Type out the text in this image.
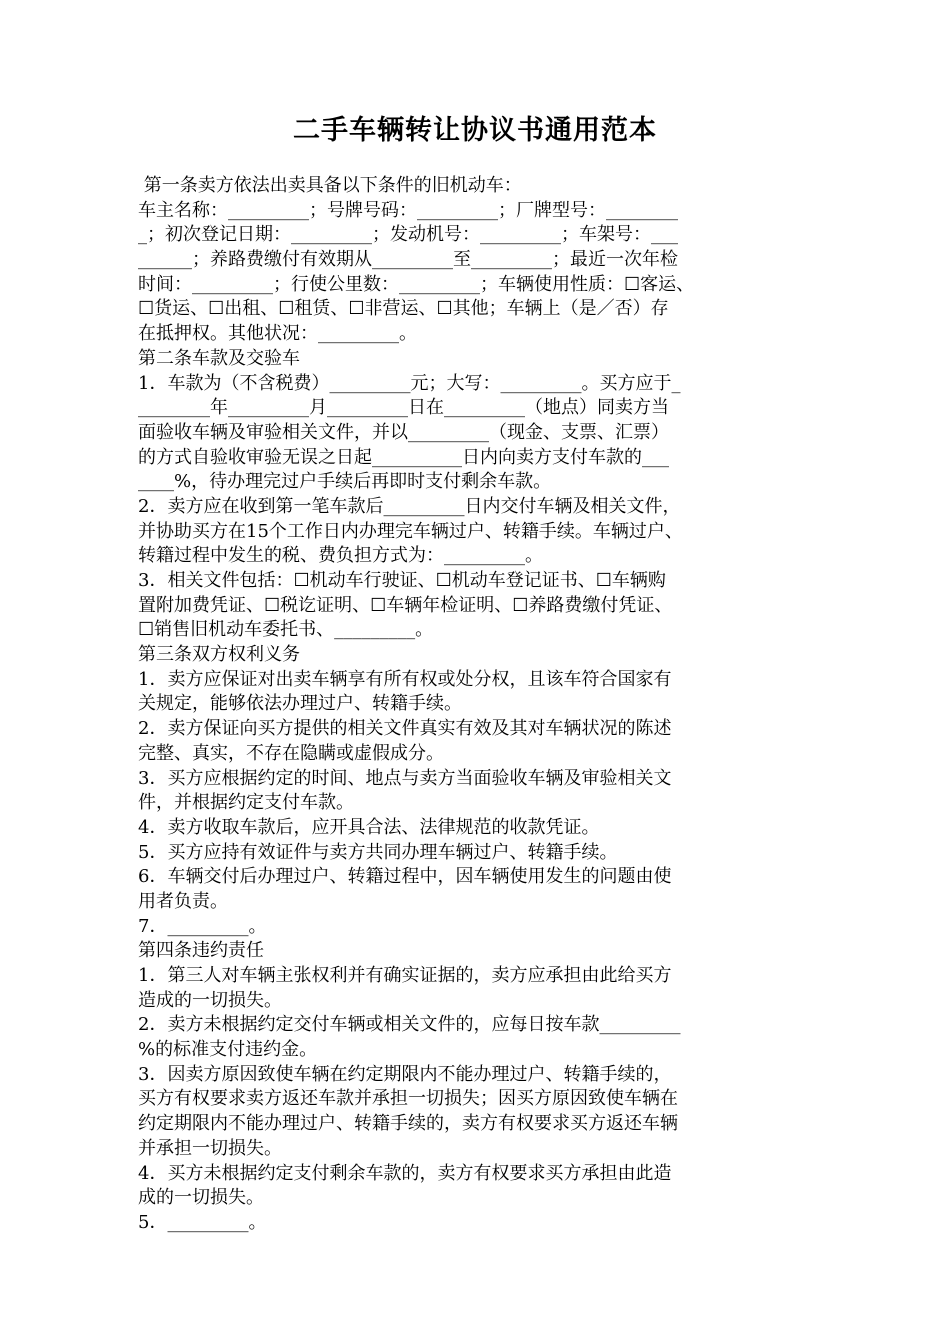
二手车辆转让协议书通用范本
第一条卖方依法出卖具备以下条件的旧机动车：
车主名称：_________；号牌号码：_________；厂牌型号：________
_；初次登记日期：_________；发动机号：_________；车架号：___
______；养路费缴付有效期从_________至_________；最近一次年检
时间：_________；行使公里数：_________；车辆使用性质：☐客运、
☐货运、☐出租、☐租赁、☐非营运、☐其他；车辆上（是／否）存
在抵押权。其他状况：_________。
第二条车款及交验车
1．车款为（不含税费）_________元；大写：_________。买方应于_
________年_________月_________日在_________（地点）同卖方当
面验收车辆及审验相关文件，并以_________（现金、支票、汇票）
的方式自验收审验无误之日起__________日内向卖方支付车款的___
____%，待办理完过户手续后再即时支付剩余车款。
2．卖方应在收到第一笔车款后_________日内交付车辆及相关文件，
并协助买方在15个工作日内办理完车辆过户、转籍手续。车辆过户、
转籍过程中发生的税、费负担方式为：_________。
3．相关文件包括：☐机动车行驶证、☐机动车登记证书、☐车辆购
置附加费凭证、☐税讫证明、☐车辆年检证明、☐养路费缴付凭证、
☐销售旧机动车委托书、_________。
第三条双方权利义务
1．卖方应保证对出卖车辆享有所有权或处分权，且该车符合国家有
关规定，能够依法办理过户、转籍手续。
2．卖方保证向买方提供的相关文件真实有效及其对车辆状况的陈述
完整、真实，不存在隐瞒或虚假成分。
3．买方应根据约定的时间、地点与卖方当面验收车辆及审验相关文
件，并根据约定支付车款。
4．卖方收取车款后，应开具合法、法律规范的收款凭证。
5．买方应持有效证件与卖方共同办理车辆过户、转籍手续。
6．车辆交付后办理过户、转籍过程中，因车辆使用发生的问题由使
用者负责。
7．_________。
第四条违约责任
1．第三人对车辆主张权利并有确实证据的，卖方应承担由此给买方
造成的一切损失。
2．卖方未根据约定交付车辆或相关文件的，应每日按车款_________
%的标准支付违约金。
3．因卖方原因致使车辆在约定期限内不能办理过户、转籍手续的，
买方有权要求卖方返还车款并承担一切损失；因买方原因致使车辆在
约定期限内不能办理过户、转籍手续的，卖方有权要求买方返还车辆
并承担一切损失。
4．买方未根据约定支付剩余车款的，卖方有权要求买方承担由此造
成的一切损失。
5．_________。
